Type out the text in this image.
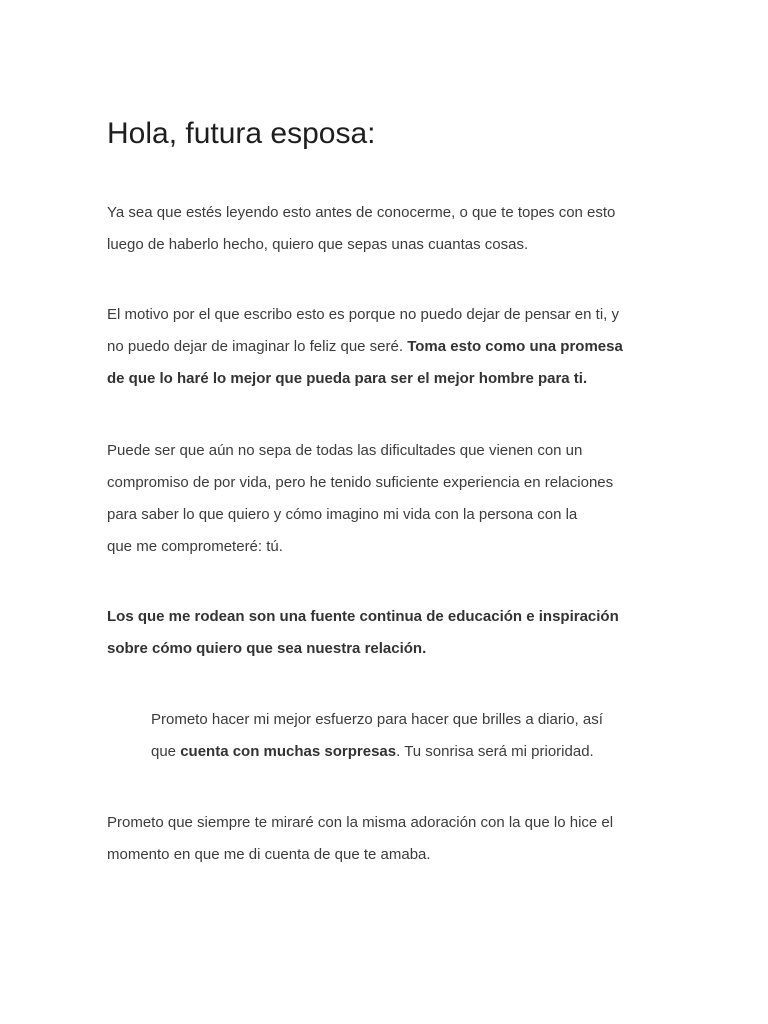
Hola, futura esposa:

Ya sea que estés leyendo esto antes de conocerme, o que te topes con esto
luego de haberlo hecho, quiero que sepas unas cuantas cosas.

El motivo por el que escribo esto es porque no puedo dejar de pensar en ti, y
no puedo dejar de imaginar lo feliz que seré. Toma esto como una promesa
de que lo haré lo mejor que pueda para ser el mejor hombre para ti.

Puede ser que aún no sepa de todas las dificultades que vienen con un
compromiso de por vida, pero he tenido suficiente experiencia en relaciones
para saber lo que quiero y cómo imagino mi vida con la persona con la
que me comprometeré: tú.

Los que me rodean son una fuente continua de educación e inspiración
sobre cómo quiero que sea nuestra relación.

Prometo hacer mi mejor esfuerzo para hacer que brilles a diario, así
que cuenta con muchas sorpresas. Tu sonrisa será mi prioridad.

Prometo que siempre te miraré con la misma adoración con la que lo hice el
momento en que me di cuenta de que te amaba.
